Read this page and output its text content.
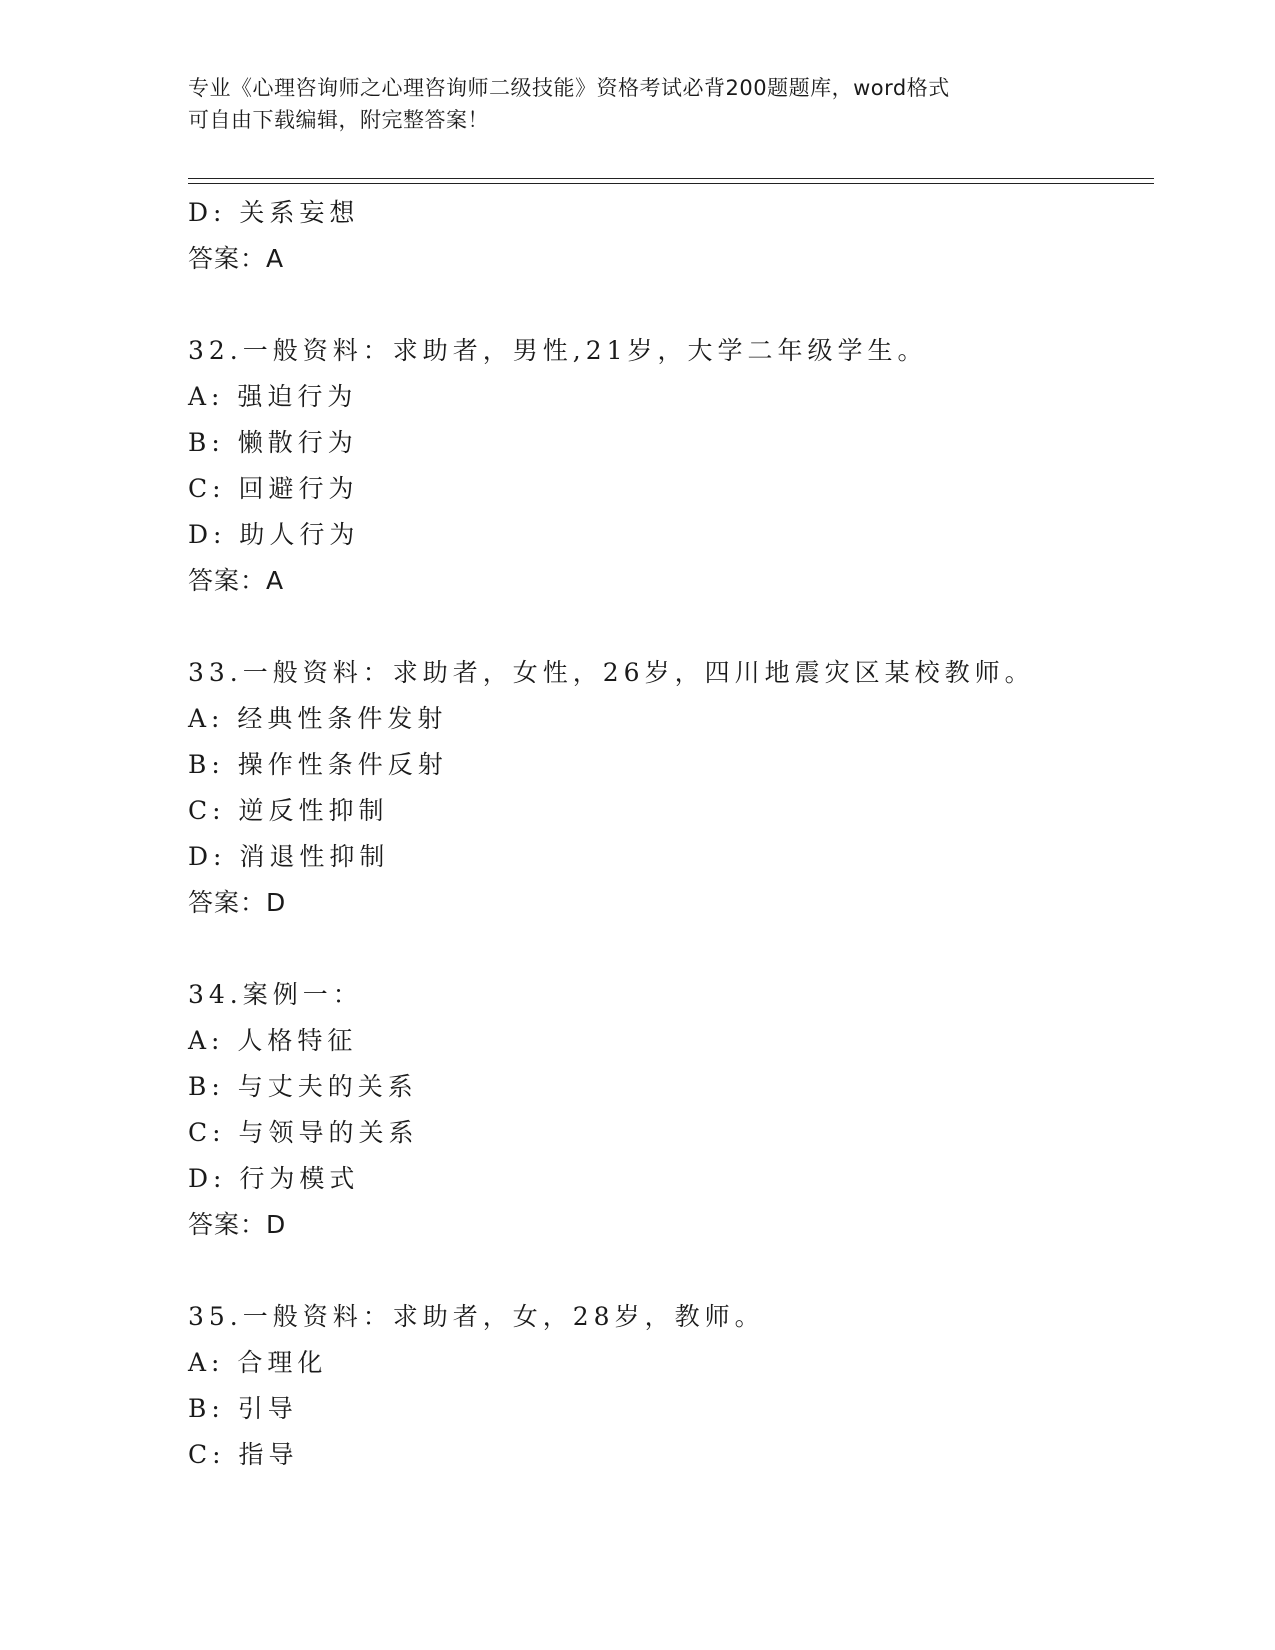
专业《心理咨询师之心理咨询师二级技能》资格考试必背200题题库，word格式
可自由下载编辑，附完整答案！
D: 关系妄想
答案：A
32.一般资料：求助者，男性,21岁，大学二年级学生。
A: 强迫行为
B: 懒散行为
C: 回避行为
D: 助人行为
答案：A
33.一般资料：求助者，女性，26岁，四川地震灾区某校教师。
A: 经典性条件发射
B: 操作性条件反射
C: 逆反性抑制
D: 消退性抑制
答案：D
34.案例一：
A: 人格特征
B: 与丈夫的关系
C: 与领导的关系
D: 行为模式
答案：D
35.一般资料：求助者，女，28岁，教师。
A: 合理化
B: 引导
C: 指导
